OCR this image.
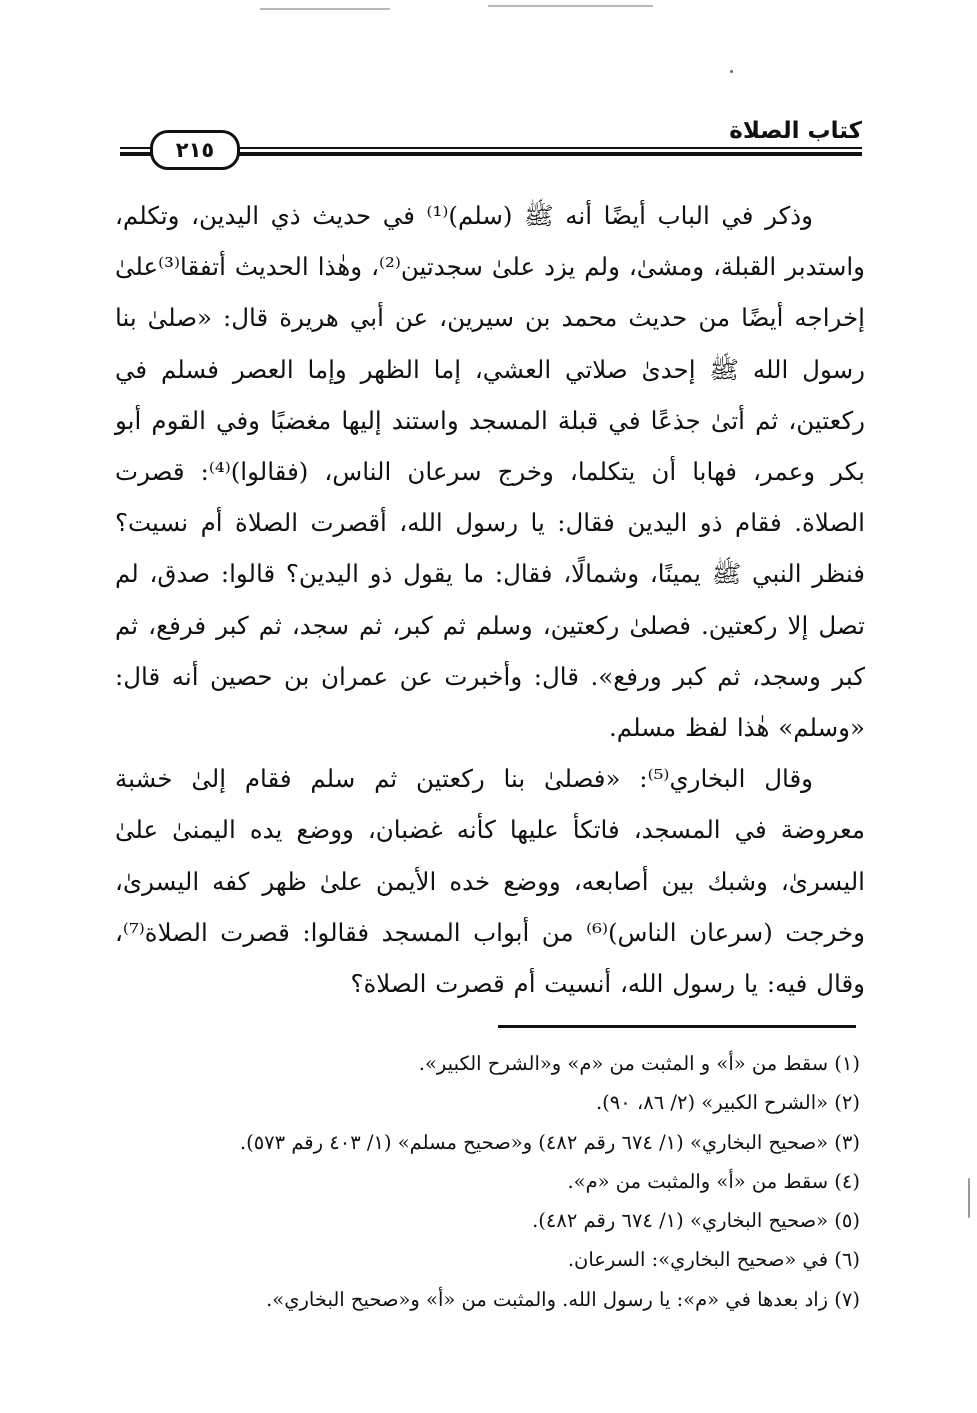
كتاب الصلاة
٢١٥

وذكر في الباب أيضًا أنه ﷺ (سلم)⁽¹⁾ في حديث ذي اليدين، وتكلم، واستدبر القبلة، ومشىٰ، ولم يزد علىٰ سجدتين⁽²⁾، وهٰذا الحديث أتفقا⁽³⁾علىٰ إخراجه أيضًا من حديث محمد بن سيرين، عن أبي هريرة قال: «صلىٰ بنا رسول الله ﷺ إحدىٰ صلاتي العشي، إما الظهر وإما العصر فسلم في ركعتين، ثم أتىٰ جذعًا في قبلة المسجد واستند إليها مغضبًا وفي القوم أبو بكر وعمر، فهابا أن يتكلما، وخرج سرعان الناس، (فقالوا)⁽⁴⁾: قصرت الصلاة. فقام ذو اليدين فقال: يا رسول الله، أقصرت الصلاة أم نسيت؟ فنظر النبي ﷺ يمينًا، وشمالًا، فقال: ما يقول ذو اليدين؟ قالوا: صدق، لم تصل إلا ركعتين. فصلىٰ ركعتين، وسلم ثم كبر، ثم سجد، ثم كبر فرفع، ثم كبر وسجد، ثم كبر ورفع». قال: وأخبرت عن عمران بن حصين أنه قال: «وسلم» هٰذا لفظ مسلم.

وقال البخاري⁽⁵⁾: «فصلىٰ بنا ركعتين ثم سلم فقام إلىٰ خشبة معروضة في المسجد، فاتكأ عليها كأنه غضبان، ووضع يده اليمنىٰ علىٰ اليسرىٰ، وشبك بين أصابعه، ووضع خده الأيمن علىٰ ظهر كفه اليسرىٰ، وخرجت (سرعان الناس)⁽⁶⁾ من أبواب المسجد فقالوا: قصرت الصلاة⁽⁷⁾، وقال فيه: يا رسول الله، أنسيت أم قصرت الصلاة؟

(١) سقط من «أ» و المثبت من «م» و«الشرح الكبير».
(٢) «الشرح الكبير» (٢/ ٨٦، ٩٠).
(٣) «صحيح البخاري» (١/ ٦٧٤ رقم ٤٨٢) و«صحيح مسلم» (١/ ٤٠٣ رقم ٥٧٣).
(٤) سقط من «أ» والمثبت من «م».
(٥) «صحيح البخاري» (١/ ٦٧٤ رقم ٤٨٢).
(٦) في «صحيح البخاري»: السرعان.
(٧) زاد بعدها في «م»: يا رسول الله. والمثبت من «أ» و«صحيح البخاري».
